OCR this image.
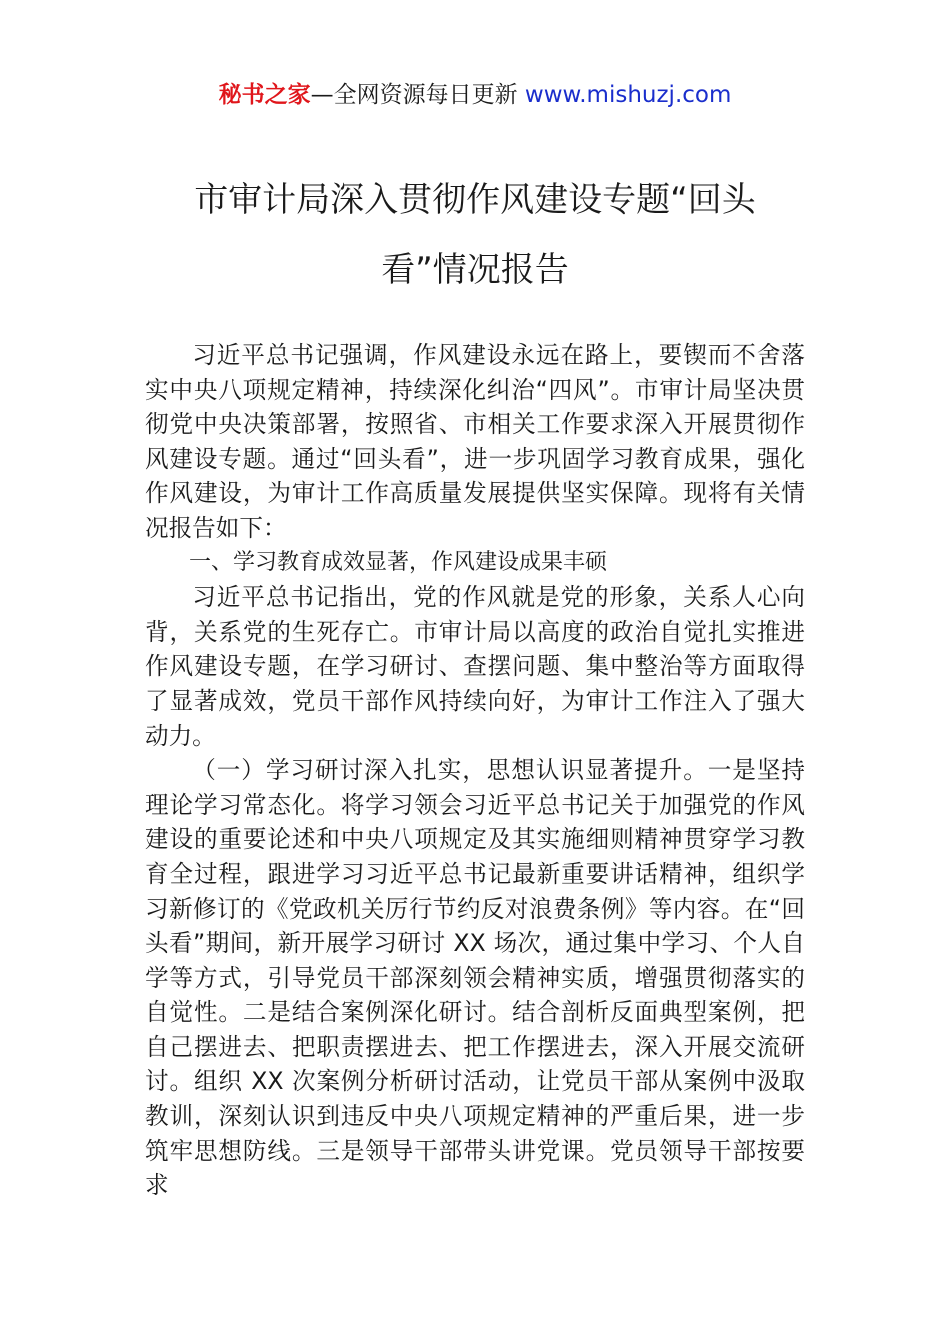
秘书之家—全网资源每日更新 www.mishuzj.com
市审计局深入贯彻作风建设专题“回头
看”情况报告

习近平总书记强调，作风建设永远在路上，要锲而不舍落实中央八项规定精神，持续深化纠治“四风”。市审计局坚决贯彻党中央决策部署，按照省、市相关工作要求深入开展贯彻作风建设专题。通过“回头看”，进一步巩固学习教育成果，强化作风建设，为审计工作高质量发展提供坚实保障。现将有关情况报告如下：

一、学习教育成效显著，作风建设成果丰硕

习近平总书记指出，党的作风就是党的形象，关系人心向背，关系党的生死存亡。市审计局以高度的政治自觉扎实推进作风建设专题，在学习研讨、查摆问题、集中整治等方面取得了显著成效，党员干部作风持续向好，为审计工作注入了强大动力。

（一）学习研讨深入扎实，思想认识显著提升。一是坚持理论学习常态化。将学习领会习近平总书记关于加强党的作风建设的重要论述和中央八项规定及其实施细则精神贯穿学习教育全过程，跟进学习习近平总书记最新重要讲话精神，组织学习新修订的《党政机关厉行节约反对浪费条例》等内容。在“回头看”期间，新开展学习研讨 XX 场次，通过集中学习、个人自学等方式，引导党员干部深刻领会精神实质，增强贯彻落实的自觉性。二是结合案例深化研讨。结合剖析反面典型案例，把自己摆进去、把职责摆进去、把工作摆进去，深入开展交流研讨。组织 XX 次案例分析研讨活动，让党员干部从案例中汲取教训，深刻认识到违反中央八项规定精神的严重后果，进一步筑牢思想防线。三是领导干部带头讲党课。党员领导干部按要求
